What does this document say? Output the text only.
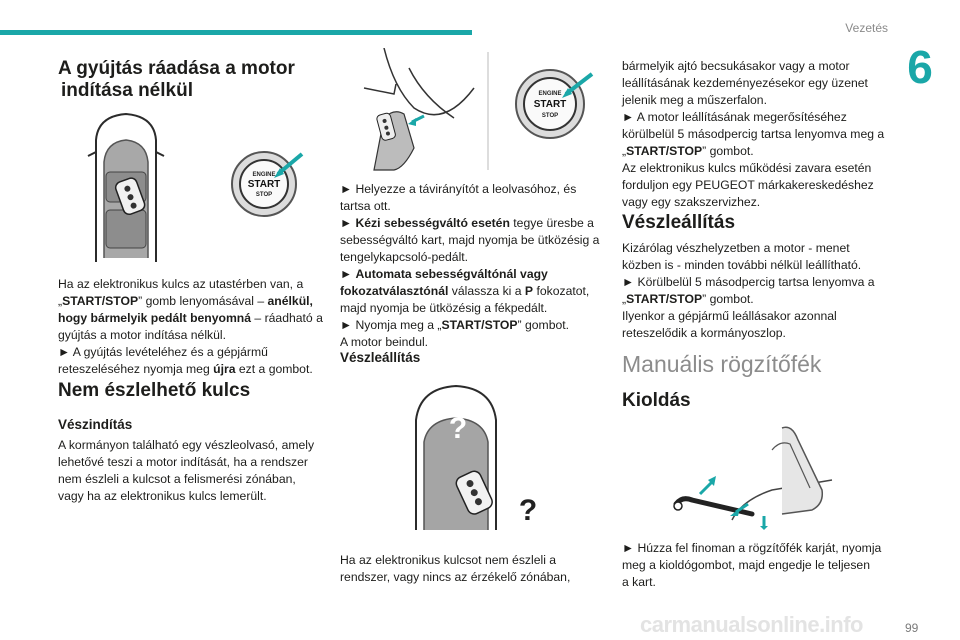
Vezetés
6
A gyújtás ráadása a motor
indítása nélkül
ENGINE
START
STOP
Ha az elektronikus kulcs az utastérben van, a
„START/STOP” gomb lenyomásával – anélkül,
hogy bármelyik pedált benyomná – ráadható a
gyújtás a motor indítása nélkül.
► A gyújtás levételéhez és a gépjármű
reteszeléséhez nyomja meg újra ezt a gombot.
Nem észlelhető kulcs
Vészindítás
A kormányon található egy vészleolvasó, amely
lehetővé teszi a motor indítását, ha a rendszer
nem észleli a kulcsot a felismerési zónában,
vagy ha az elektronikus kulcs lemerült.
ENGINE
START
STOP
► Helyezze a távirányítót a leolvasóhoz, és
tartsa ott.
► Kézi sebességváltó esetén tegye üresbe a
sebességváltó kart, majd nyomja be ütközésig a
tengelykapcsoló-pedált.
► Automata sebességváltónál vagy
fokozatválasztónál válassza ki a P fokozatot,
majd nyomja be ütközésig a fékpedált.
► Nyomja meg a „START/STOP” gombot.
A motor beindul.
Vészleállítás
?
?
Ha az elektronikus kulcsot nem észleli a
rendszer, vagy nincs az érzékelő zónában,
bármelyik ajtó becsukásakor vagy a motor
leállításának kezdeményezésekor egy üzenet
jelenik meg a műszerfalon.
► A motor leállításának megerősítéséhez
körülbelül 5 másodpercig tartsa lenyomva meg a
„START/STOP” gombot.
Az elektronikus kulcs működési zavara esetén
forduljon egy PEUGEOT márkakereskedéshez
vagy egy szakszervizhez.
Vészleállítás
Kizárólag vészhelyzetben a motor - menet
közben is - minden további nélkül leállítható.
► Körülbelül 5 másodpercig tartsa lenyomva a
„START/STOP” gombot.
Ilyenkor a gépjármű leállásakor azonnal
reteszelődik a kormányoszlop.
Manuális rögzítőfék
Kioldás
► Húzza fel finoman a rögzítőfék karját, nyomja
meg a kioldógombot, majd engedje le teljesen
a kart.
carmanualsonline.info	99
